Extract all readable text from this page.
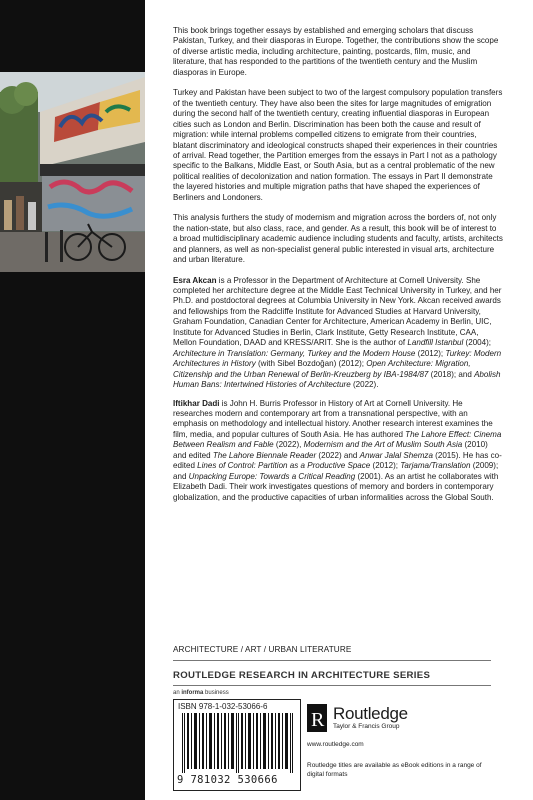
This book brings together essays by established and emerging scholars that discuss Pakistan, Turkey, and their diasporas in Europe. Together, the contributions show the scope of diverse artistic media, including architecture, painting, postcards, film, music, and literature, that has responded to the partitions of the twentieth century and the Muslim diasporas in Europe.

Turkey and Pakistan have been subject to two of the largest compulsory population transfers of the twentieth century. They have also been the sites for large magnitudes of emigration during the second half of the twentieth century, creating influential diasporas in European cities such as London and Berlin. Discrimination has been both the cause and result of migration: while internal problems compelled citizens to emigrate from their countries, blatant discriminatory and ideological constructs shaped their experiences in their countries of arrival. Read together, the Partition emerges from the essays in Part I not as a pathology specific to the Balkans, Middle East, or South Asia, but as a central problematic of the new political realities of decolonization and nation formation. The essays in Part II demonstrate the layered histories and multiple migration paths that have shaped the experiences of Berliners and Londoners.

This analysis furthers the study of modernism and migration across the borders of, not only the nation-state, but also class, race, and gender. As a result, this book will be of interest to a broad multidisciplinary academic audience including students and faculty, artists, architects and planners, as well as non-specialist general public interested in visual arts, architecture and urban literature.

Esra Akcan is a Professor in the Department of Architecture at Cornell University. She completed her architecture degree at the Middle East Technical University in Turkey, and her Ph.D. and postdoctoral degrees at Columbia University in New York. Akcan received awards and fellowships from the Radcliffe Institute for Advanced Studies at Harvard University, Graham Foundation, Canadian Center for Architecture, American Academy in Berlin, UIC, Institute for Advanced Studies in Berlin, Clark Institute, Getty Research Institute, CAA, Mellon Foundation, DAAD and KRESS/ARIT. She is the author of Landfill Istanbul (2004); Architecture in Translation: Germany, Turkey and the Modern House (2012); Turkey: Modern Architectures in History (with Sibel Bozdoğan) (2012); Open Architecture: Migration, Citizenship and the Urban Renewal of Berlin-Kreuzberg by IBA-1984/87 (2018); and Abolish Human Bans: Intertwined Histories of Architecture (2022).

Iftikhar Dadi is John H. Burris Professor in History of Art at Cornell University. He researches modern and contemporary art from a transnational perspective, with an emphasis on methodology and intellectual history. Another research interest examines the film, media, and popular cultures of South Asia. He has authored The Lahore Effect: Cinema Between Realism and Fable (2022), Modernism and the Art of Muslim South Asia (2010) and edited The Lahore Biennale Reader (2022) and Anwar Jalal Shemza (2015). He has co-edited Lines of Control: Partition as a Productive Space (2012); Tarjama/Translation (2009); and Unpacking Europe: Towards a Critical Reading (2001). As an artist he collaborates with Elizabeth Dadi. Their work investigates questions of memory and borders in contemporary globalization, and the productive capacities of urban informalities across the Global South.

ARCHITECTURE / ART / URBAN LITERATURE
ROUTLEDGE RESEARCH IN ARCHITECTURE SERIES
an informa business
ISBN 978-1-032-53066-6
9 781032 530666
R Routledge
Taylor & Francis Group
www.routledge.com
Routledge titles are available as eBook editions in a range of digital formats
